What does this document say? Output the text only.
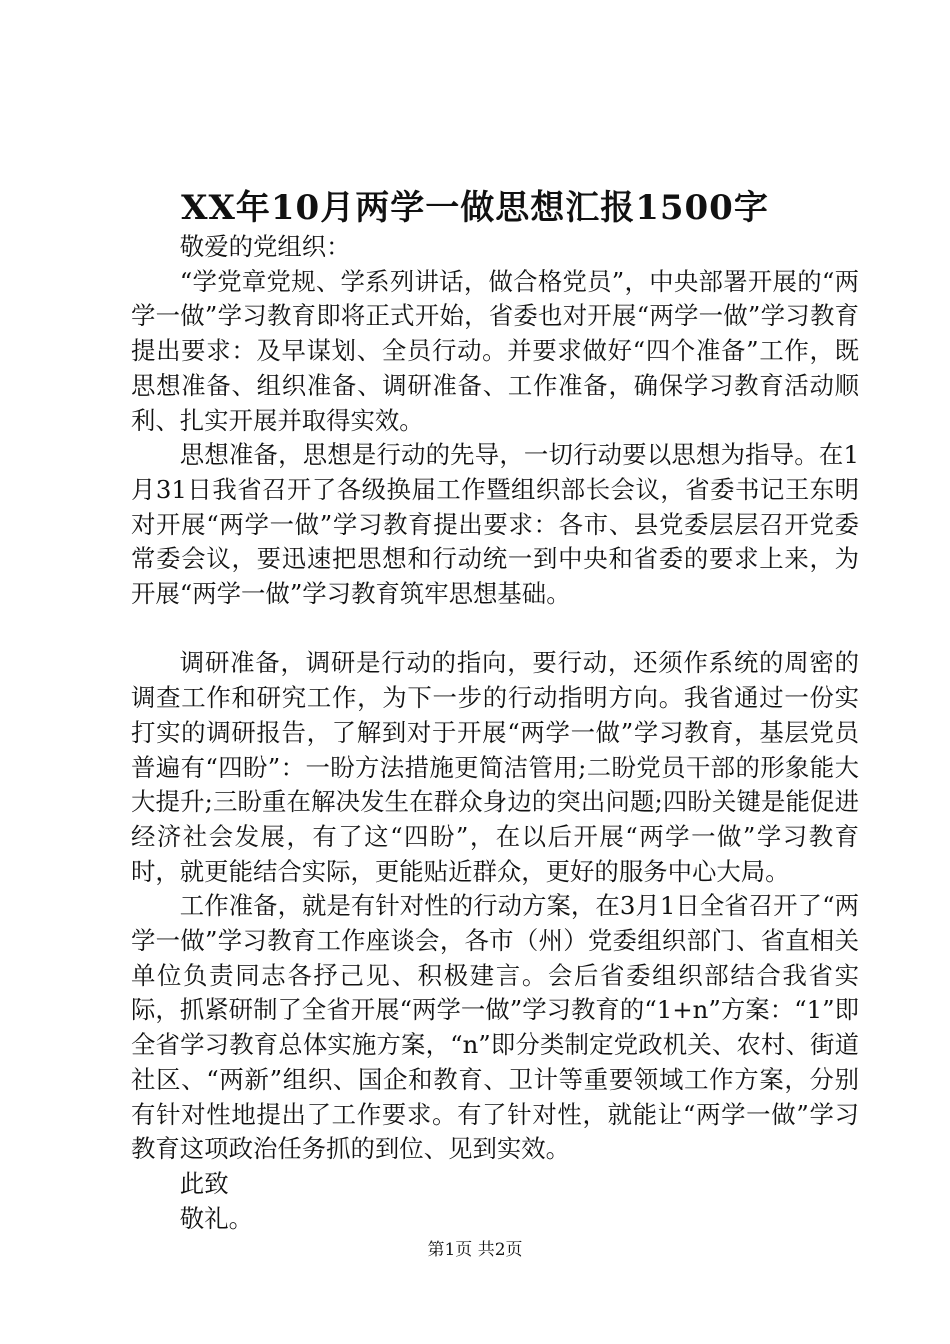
XX年10月两学一做思想汇报1500字

敬爱的党组织：

“学党章党规、学系列讲话，做合格党员”，中央部署开展的“两学一做”学习教育即将正式开始，省委也对开展“两学一做”学习教育提出要求：及早谋划、全员行动。并要求做好“四个准备”工作，既思想准备、组织准备、调研准备、工作准备，确保学习教育活动顺利、扎实开展并取得实效。

思想准备，思想是行动的先导，一切行动要以思想为指导。在1月31日我省召开了各级换届工作暨组织部长会议，省委书记王东明对开展“两学一做”学习教育提出要求：各市、县党委层层召开党委常委会议，要迅速把思想和行动统一到中央和省委的要求上来，为开展“两学一做”学习教育筑牢思想基础。

调研准备，调研是行动的指向，要行动，还须作系统的周密的调查工作和研究工作，为下一步的行动指明方向。我省通过一份实打实的调研报告，了解到对于开展“两学一做”学习教育，基层党员普遍有“四盼”：一盼方法措施更简洁管用;二盼党员干部的形象能大大提升;三盼重在解决发生在群众身边的突出问题;四盼关键是能促进经济社会发展，有了这“四盼”，在以后开展“两学一做”学习教育时，就更能结合实际，更能贴近群众，更好的服务中心大局。

工作准备，就是有针对性的行动方案，在3月1日全省召开了“两学一做”学习教育工作座谈会，各市（州）党委组织部门、省直相关单位负责同志各抒己见、积极建言。会后省委组织部结合我省实际，抓紧研制了全省开展“两学一做”学习教育的“1+n”方案：“1”即全省学习教育总体实施方案，“n”即分类制定党政机关、农村、街道社区、“两新”组织、国企和教育、卫计等重要领域工作方案，分别有针对性地提出了工作要求。有了针对性，就能让“两学一做”学习教育这项政治任务抓的到位、见到实效。

此致

敬礼。

第1页 共2页
